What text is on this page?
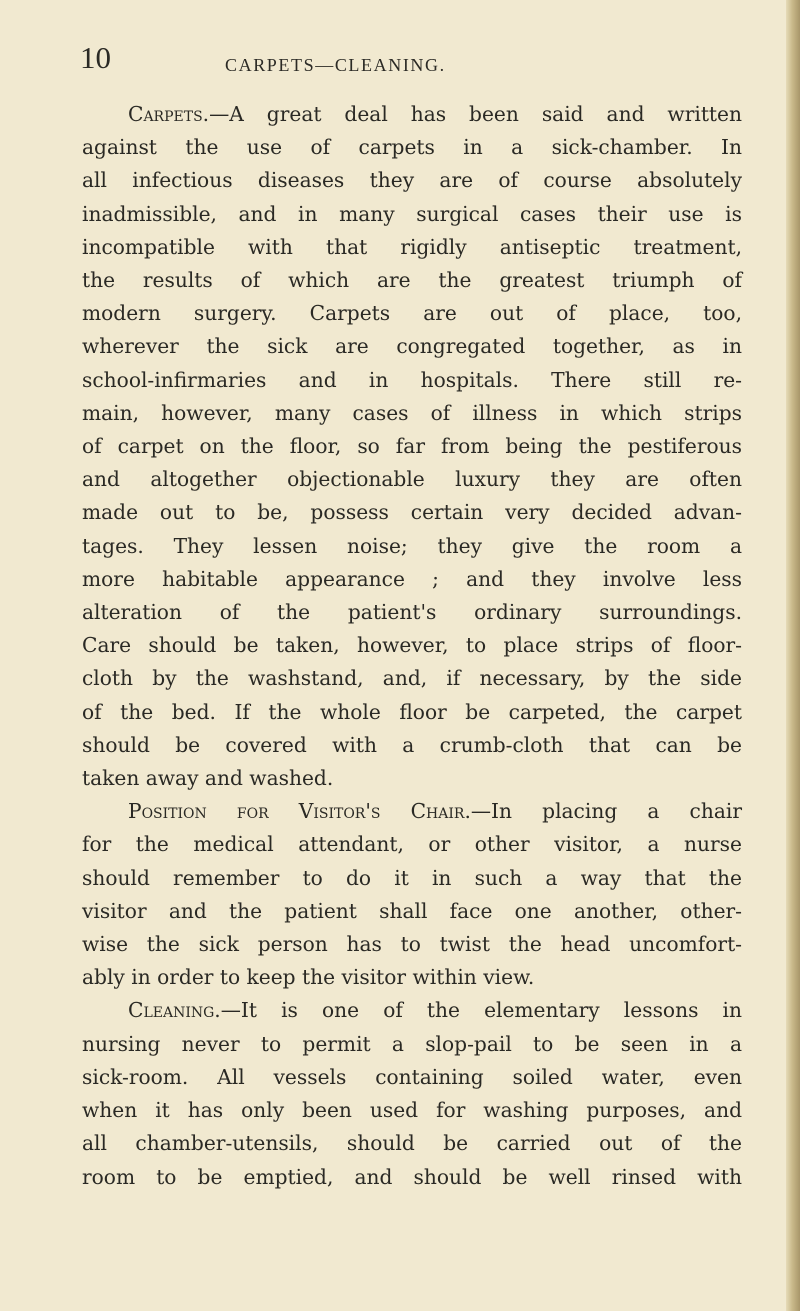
10	CARPETS—CLEANING.
Carpets.—A great deal has been said and written
against the use of carpets in a sick-chamber. In
all infectious diseases they are of course absolutely
inadmissible, and in many surgical cases their use is
incompatible with that rigidly antiseptic treatment,
the results of which are the greatest triumph of
modern surgery. Carpets are out of place, too,
wherever the sick are congregated together, as in
school-infirmaries and in hospitals. There still re-
main, however, many cases of illness in which strips
of carpet on the floor, so far from being the pestiferous
and altogether objectionable luxury they are often
made out to be, possess certain very decided advan-
tages. They lessen noise; they give the room a
more habitable appearance ; and they involve less
alteration of the patient's ordinary surroundings.
Care should be taken, however, to place strips of floor-
cloth by the washstand, and, if necessary, by the side
of the bed. If the whole floor be carpeted, the carpet
should be covered with a crumb-cloth that can be
taken away and washed.
Position for Visitor's Chair.—In placing a chair
for the medical attendant, or other visitor, a nurse
should remember to do it in such a way that the
visitor and the patient shall face one another, other-
wise the sick person has to twist the head uncomfort-
ably in order to keep the visitor within view.
Cleaning.—It is one of the elementary lessons in
nursing never to permit a slop-pail to be seen in a
sick-room. All vessels containing soiled water, even
when it has only been used for washing purposes, and
all chamber-utensils, should be carried out of the
room to be emptied, and should be well rinsed with
